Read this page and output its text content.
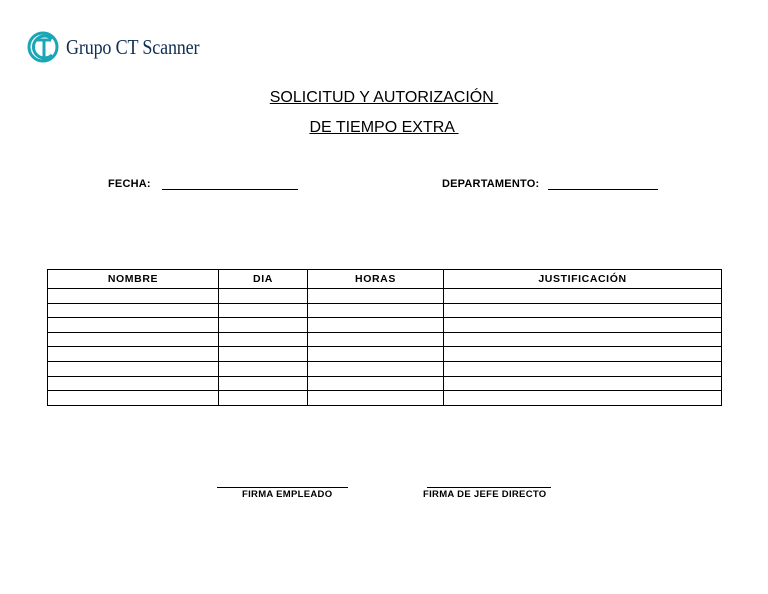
Grupo CT Scanner
SOLICITUD Y AUTORIZACIÓN
DE TIEMPO EXTRA
FECHA:	DEPARTAMENTO:
NOMBRE	DIA	HORAS	JUSTIFICACIÓN

FIRMA EMPLEADO	FIRMA DE JEFE DIRECTO
